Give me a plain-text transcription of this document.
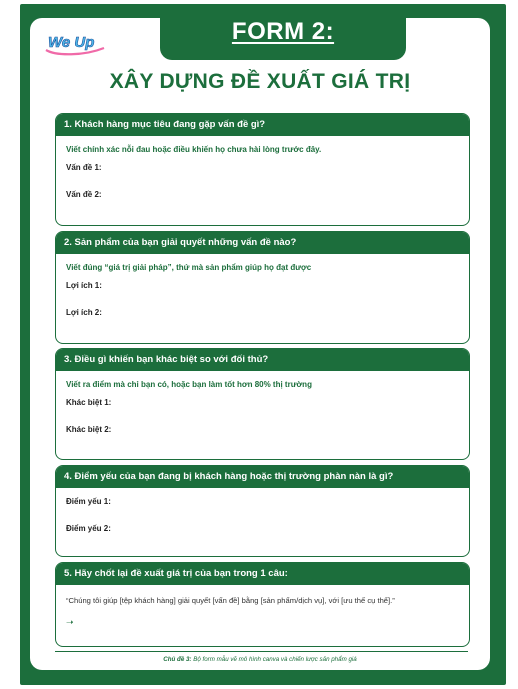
We Up	FORM 2:
XÂY DỰNG ĐỀ XUẤT GIÁ TRỊ
1. Khách hàng mục tiêu đang gặp vấn đề gì?
Viết chính xác nỗi đau hoặc điều khiến họ chưa hài lòng trước đây.
Vấn đề 1:
Vấn đề 2:
2. Sản phẩm của bạn giải quyết những vấn đề nào?
Viết đúng “giá trị giải pháp”, thứ mà sản phẩm giúp họ đạt được
Lợi ích 1:
Lợi ích 2:
3. Điều gì khiến bạn khác biệt so với đối thủ?
Viết ra điểm mà chỉ bạn có, hoặc bạn làm tốt hơn 80% thị trường
Khác biệt 1:
Khác biệt 2:
4. Điểm yếu của bạn đang bị khách hàng hoặc thị trường phàn nàn là gì?
Điểm yếu 1:
Điểm yếu 2:
5. Hãy chốt lại đề xuất giá trị của bạn trong 1 câu:
“Chúng tôi giúp [tệp khách hàng] giải quyết [vấn đề] bằng [sản phẩm/dịch vụ], với [ưu thế cụ thể].”
➝
Chủ đề 3: Bộ form mẫu vẽ mô hình canva và chiến lược sản phẩm giá
